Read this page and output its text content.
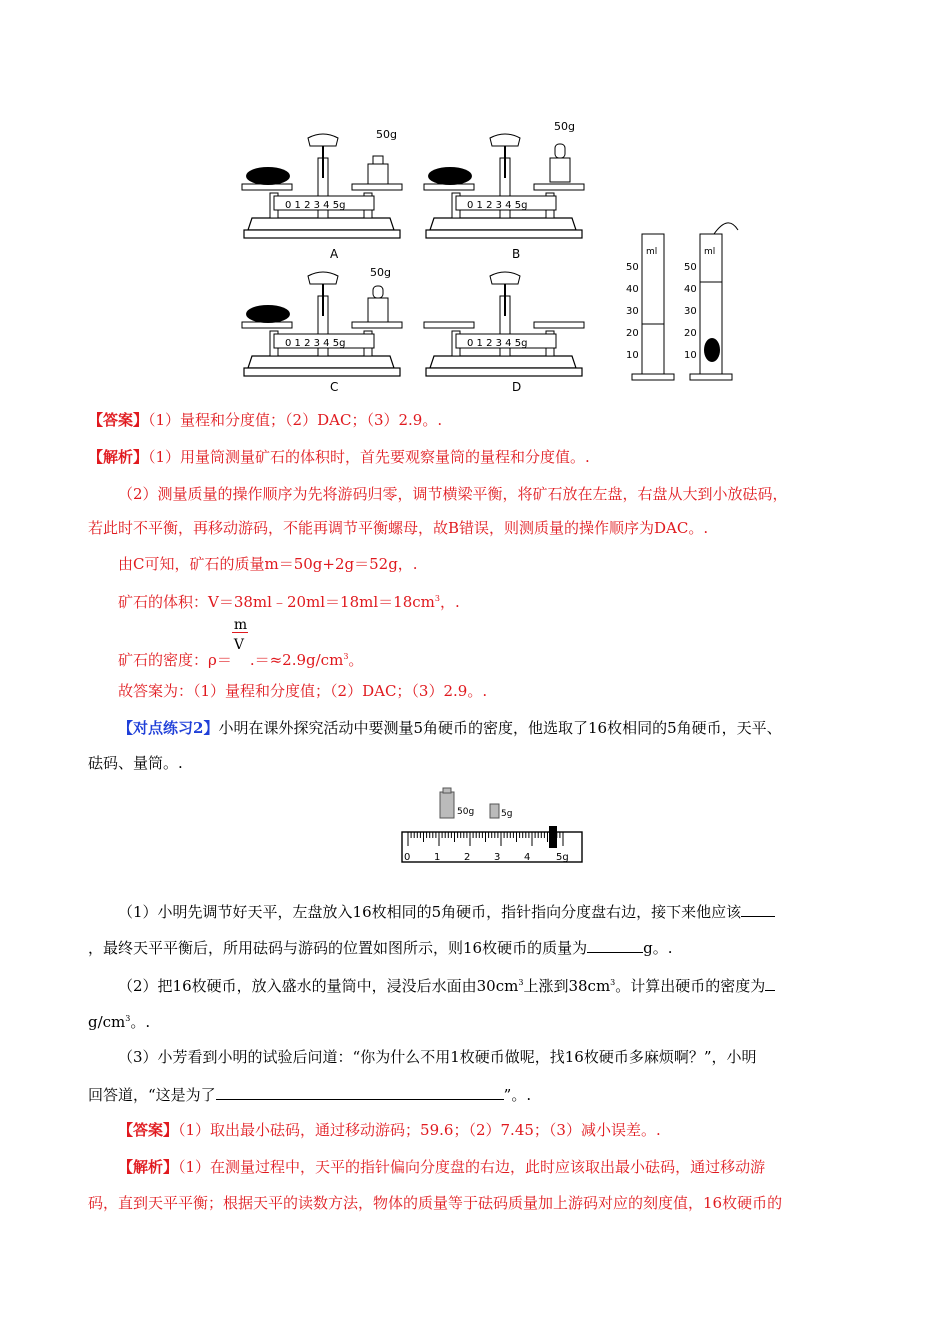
50g
0 1 2 3 4 5g
A
50g
0 1 2 3 4 5g
B
50g
0 1 2 3 4 5g
C
0 1 2 3 4 5g
D
ml
50
40
30
20
10
ml
50
40
30
20
10
【答案】（1）量程和分度值；（2）DAC；（3）2.9。.
【解析】（1）用量筒测量矿石的体积时，首先要观察量筒的量程和分度值。.
（2）测量质量的操作顺序为先将游码归零，调节横梁平衡，将矿石放在左盘，右盘从大到小放砝码，
若此时不平衡，再移动游码，不能再调节平衡螺母，故B错误，则测质量的操作顺序为DAC。.
由C可知，矿石的质量m＝50g+2g＝52g，.
矿石的体积：$V=38ml﹣20ml=18ml=18cm^3$，.
矿石的密度：$\rho= \frac{m}{V} .=\approx 2.9g/cm^3$。
故答案为：（1）量程和分度值；（2）DAC；（3）2.9。.
【对点练习2】小明在课外探究活动中要测量5角硬币的密度，他选取了16枚相同的5角硬币，天平、
砝码、量筒。.
50g	5g
0 1 2 3 4	5g
（1）小明先调节好天平，左盘放入16枚相同的5角硬币，指针指向分度盘右边，接下来他应该
，最终天平平衡后，所用砝码与游码的位置如图所示，则16枚硬币的质量为	g。.
（2）把16枚硬币，放入盛水的量筒中，浸没后水面由$30cm^3$上涨到$38cm^3$。计算出硬币的密度为
$g/cm^3$。.
（3）小芳看到小明的试验后问道：“你为什么不用1枚硬币做呢，找16枚硬币多麻烦啊？”，小明
回答道，“这是为了	”。.
【答案】（1）取出最小砝码，通过移动游码；59.6；（2）7.45；（3）减小误差。.
【解析】（1）在测量过程中，天平的指针偏向分度盘的右边，此时应该取出最小砝码，通过移动游
码，直到天平平衡；根据天平的读数方法，物体的质量等于砝码质量加上游码对应的刻度值，16枚硬币的
